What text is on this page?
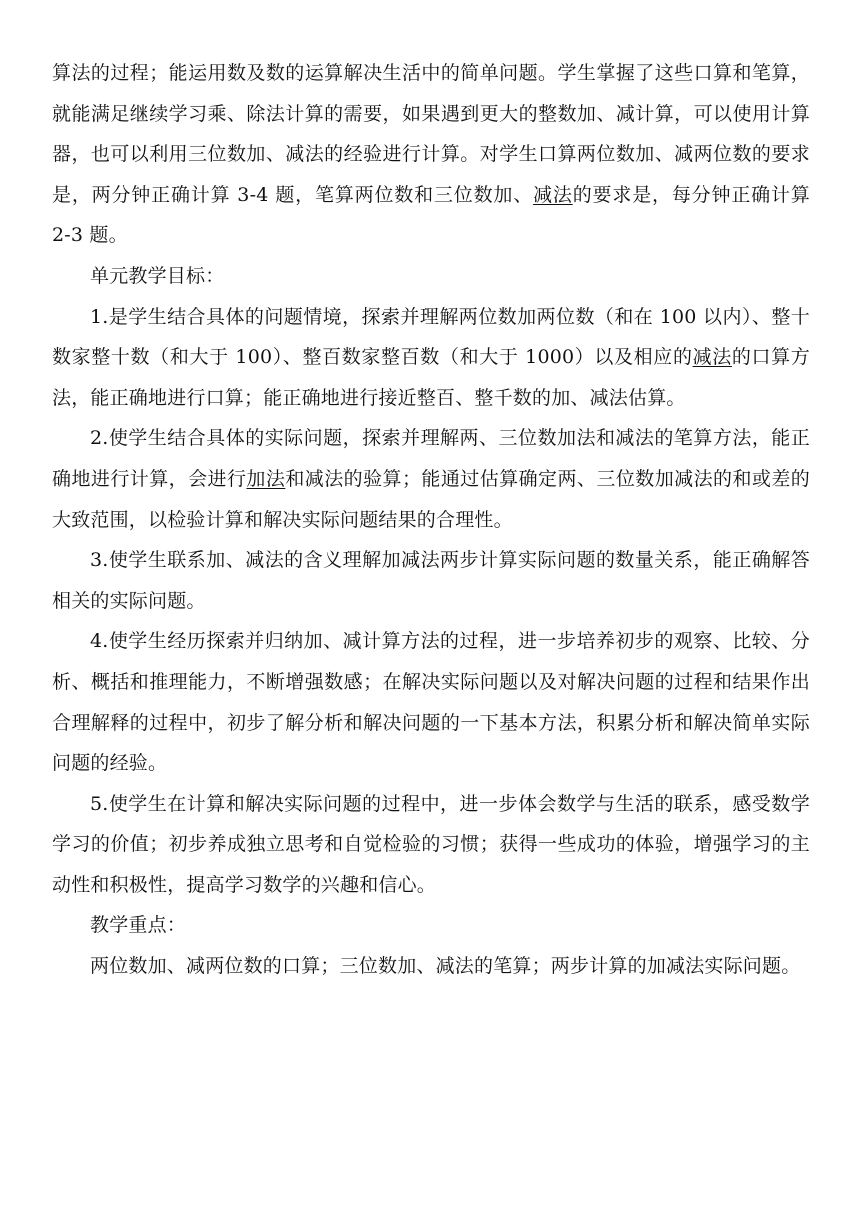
算法的过程；能运用数及数的运算解决生活中的简单问题。学生掌握了这些口算和笔算，就能满足继续学习乘、除法计算的需要，如果遇到更大的整数加、减计算，可以使用计算器，也可以利用三位数加、减法的经验进行计算。对学生口算两位数加、减两位数的要求是，两分钟正确计算 3-4 题，笔算两位数和三位数加、减法的要求是，每分钟正确计算 2-3 题。

单元教学目标：

1.是学生结合具体的问题情境，探索并理解两位数加两位数（和在 100 以内）、整十数家整十数（和大于 100）、整百数家整百数（和大于 1000）以及相应的减法的口算方法，能正确地进行口算；能正确地进行接近整百、整千数的加、减法估算。

2.使学生结合具体的实际问题，探索并理解两、三位数加法和减法的笔算方法，能正确地进行计算，会进行加法和减法的验算；能通过估算确定两、三位数加减法的和或差的大致范围，以检验计算和解决实际问题结果的合理性。

3.使学生联系加、减法的含义理解加减法两步计算实际问题的数量关系，能正确解答相关的实际问题。

4.使学生经历探索并归纳加、减计算方法的过程，进一步培养初步的观察、比较、分析、概括和推理能力，不断增强数感；在解决实际问题以及对解决问题的过程和结果作出合理解释的过程中，初步了解分析和解决问题的一下基本方法，积累分析和解决简单实际问题的经验。

5.使学生在计算和解决实际问题的过程中，进一步体会数学与生活的联系，感受数学学习的价值；初步养成独立思考和自觉检验的习惯；获得一些成功的体验，增强学习的主动性和积极性，提高学习数学的兴趣和信心。

教学重点：

两位数加、减两位数的口算；三位数加、减法的笔算；两步计算的加减法实际问题。
